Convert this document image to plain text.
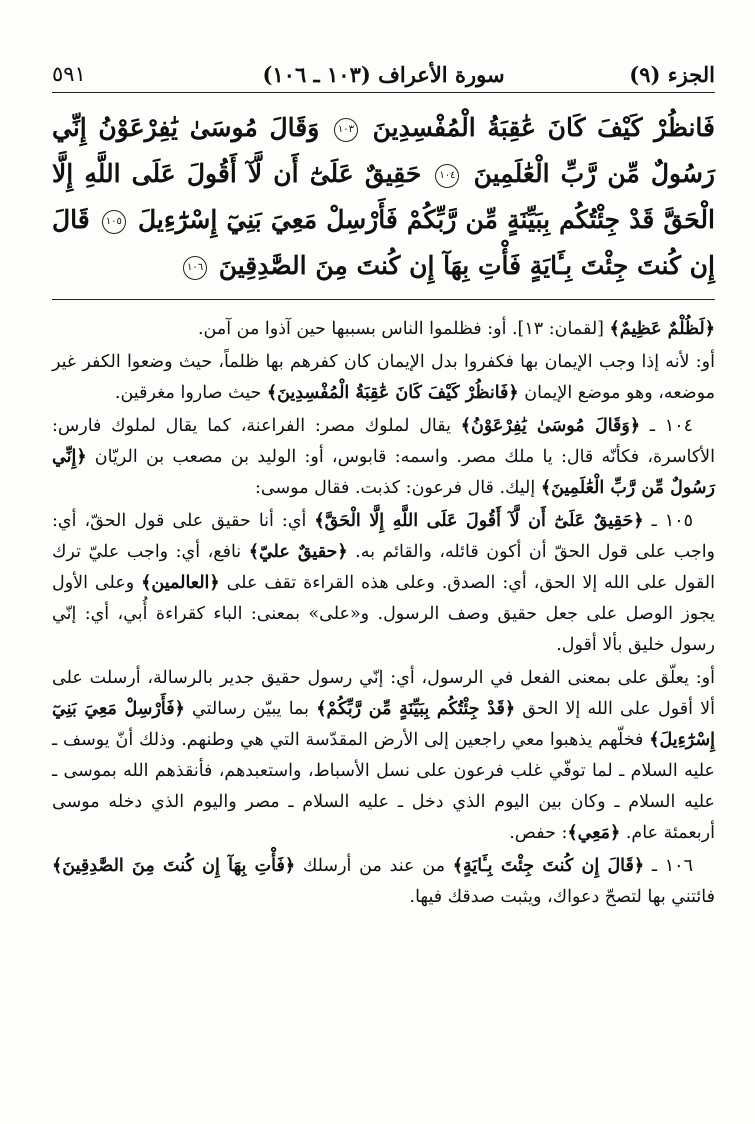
الجزء (٩)
سورة الأعراف (١٠٣ ـ ١٠٦)
٥٩١
فَانظُرْ كَيْفَ كَانَ عَٰقِبَةُ الْمُفْسِدِينَ ١٠٣ وَقَالَ مُوسَىٰ يَٰفِرْعَوْنُ إِنِّي رَسُولٌ مِّن رَّبِّ الْعَٰلَمِينَ ١٠٤ حَقِيقٌ عَلَىٰٓ أَن لَّآ أَقُولَ عَلَى اللَّهِ إِلَّا الْحَقَّ قَدْ جِئْتُكُم بِبَيِّنَةٍ مِّن رَّبِّكُمْ فَأَرْسِلْ مَعِيَ بَنِيٓ إِسْرَٰٓءِيلَ ١٠٥ قَالَ إِن كُنتَ جِئْتَ بِـَٔايَةٍ فَأْتِ بِهَآ إِن كُنتَ مِنَ الصَّٰدِقِينَ ١٠٦

﴿لَظُلْمٌ عَظِيمٌ﴾ [لقمان: ١٣]. أو: فظلموا الناس بسببها حين آذوا من آمن.

أو: لأنه إذا وجب الإيمان بها فكفروا بدل الإيمان كان كفرهم بها ظلماً، حيث وضعوا الكفر غير موضعه، وهو موضع الإيمان ﴿فَانظُرْ كَيْفَ كَانَ عَٰقِبَةُ الْمُفْسِدِينَ﴾ حيث صاروا مغرقين.

١٠٤ ـ ﴿وَقَالَ مُوسَىٰ يَٰفِرْعَوْنُ﴾ يقال لملوك مصر: الفراعنة، كما يقال لملوك فارس: الأكاسرة، فكأنّه قال: يا ملك مصر. واسمه: قابوس، أو: الوليد بن مصعب بن الريّان ﴿إِنِّي رَسُولٌ مِّن رَّبِّ الْعَٰلَمِينَ﴾ إليك. قال فرعون: كذبت. فقال موسى:

١٠٥ ـ ﴿حَقِيقٌ عَلَىٰٓ أَن لَّآ أَقُولَ عَلَى اللَّهِ إِلَّا الْحَقَّ﴾ أي: أنا حقيق على قول الحقّ، أي: واجب على قول الحقّ أن أكون قائله، والقائم به. ﴿حقيقٌ عليّ﴾ نافع، أي: واجب عليّ ترك القول على الله إلا الحق، أي: الصدق. وعلى هذه القراءة تقف على ﴿العالمين﴾ وعلى الأول يجوز الوصل على جعل حقيق وصف الرسول. و«على» بمعنى: الباء كقراءة أُبي، أي: إنّي رسول خليق بألا أقول.

أو: يعلّق على بمعنى الفعل في الرسول، أي: إنّي رسول حقيق جدير بالرسالة، أرسلت على ألا أقول على الله إلا الحق ﴿قَدْ جِئْتُكُم بِبَيِّنَةٍ مِّن رَّبِّكُمْ﴾ بما يبيّن رسالتي ﴿فَأَرْسِلْ مَعِيَ بَنِيٓ إِسْرَٰٓءِيلَ﴾ فخلّهم يذهبوا معي راجعين إلى الأرض المقدّسة التي هي وطنهم. وذلك أنّ يوسف ـ عليه السلام ـ لما توفّي غلب فرعون على نسل الأسباط، واستعبدهم، فأنقذهم الله بموسى ـ عليه السلام ـ وكان بين اليوم الذي دخل ـ عليه السلام ـ مصر واليوم الذي دخله موسى أربعمئة عام. ﴿مَعِي﴾: حفص.

١٠٦ ـ ﴿قَالَ إِن كُنتَ جِئْتَ بِـَٔايَةٍ﴾ من عند من أرسلك ﴿فَأْتِ بِهَآ إِن كُنتَ مِنَ الصَّٰدِقِينَ﴾ فائتني بها لتصحّ دعواك، ويثبت صدقك فيها.
